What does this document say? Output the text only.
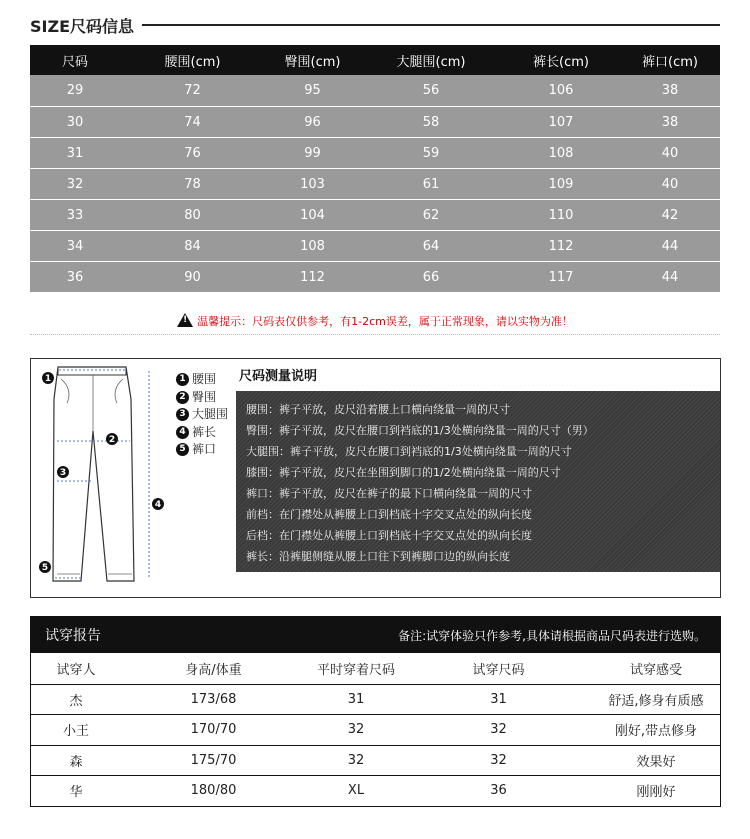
SIZE尺码信息
尺码	腰围(cm)	臀围(cm)	大腿围(cm)	裤长(cm)	裤口(cm)
29	72	95	56	106	38
30	74	96	58	107	38
31	76	99	59	108	40
32	78	103	61	109	40
33	80	104	62	110	42
34	84	108	64	112	44
36	90	112	66	117	44
!温馨提示：尺码表仅供参考，有1-2cm误差，属于正常现象，请以实物为准！
1
2
3
4
5
1 腰围
2 臀围
3 大腿围
4 裤长
5 裤口
尺码测量说明
腰围：裤子平放，皮尺沿着腰上口横向绕量一周的尺寸
臀围：裤子平放，皮尺在腰口到裆底的1/3处横向绕量一周的尺寸（男）
大腿围：裤子平放，皮尺在腰口到裆底的1/3处横向绕量一周的尺寸
膝围：裤子平放，皮尺在坐围到脚口的1/2处横向绕量一周的尺寸
裤口：裤子平放，皮尺在裤子的最下口横向绕量一周的尺寸
前档：在门襟处从裤腰上口到档底十字交叉点处的纵向长度
后档：在门襟处从裤腰上口到档底十字交叉点处的纵向长度
裤长：沿裤腿侧缝从腰上口往下到裤脚口边的纵向长度
试穿报告	备注:试穿体验只作参考,具体请根据商品尺码表进行选购。
试穿人	身高/体重	平时穿着尺码	试穿尺码	试穿感受
杰	173/68	31	31	舒适,修身有质感
小王	170/70	32	32	刚好,带点修身
森	175/70	32	32	效果好
华	180/80	XL	36	刚刚好
